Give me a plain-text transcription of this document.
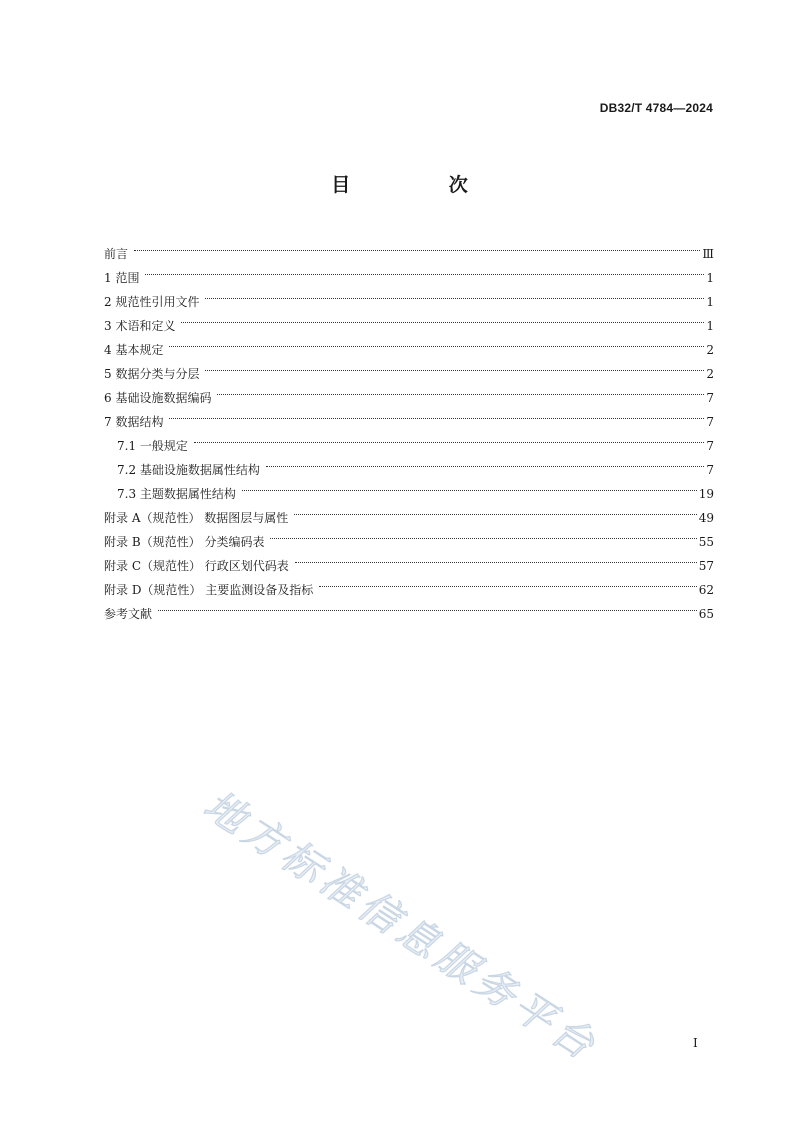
DB32/T 4784—2024
目 次
前言	Ⅲ
1 范围	1
2 规范性引用文件	1
3 术语和定义	1
4 基本规定	2
5 数据分类与分层	2
6 基础设施数据编码	7
7 数据结构	7
7.1 一般规定	7
7.2 基础设施数据属性结构	7
7.3 主题数据属性结构	19
附录 A（规范性） 数据图层与属性	49
附录 B（规范性） 分类编码表	55
附录 C（规范性） 行政区划代码表	57
附录 D（规范性） 主要监测设备及指标	62
参考文献	65
地方标准信息服务平台	I
